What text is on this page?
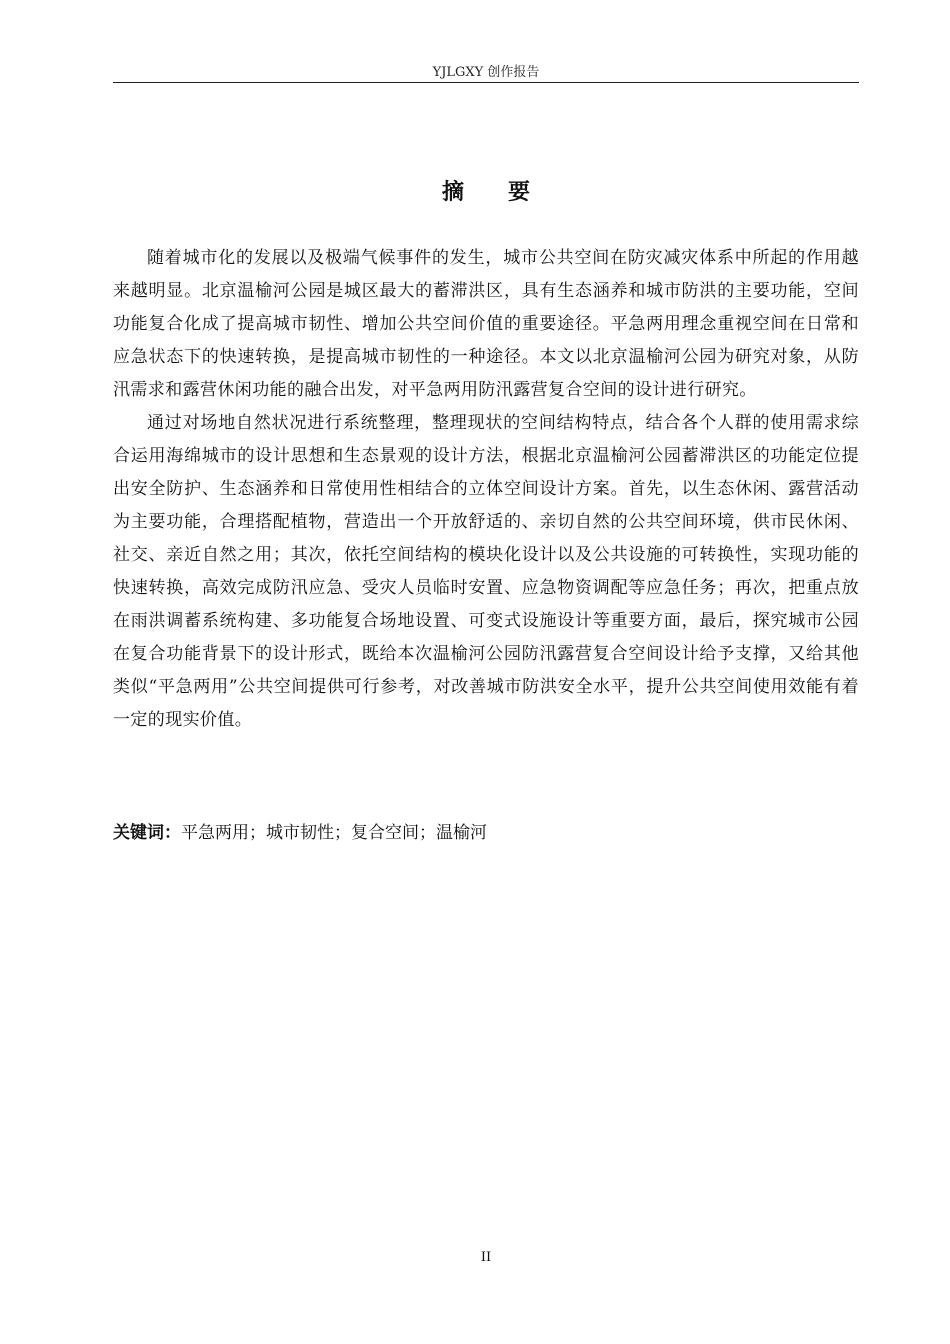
YJLGXY 创作报告
摘要

随着城市化的发展以及极端气候事件的发生，城市公共空间在防灾减灾体系中所起的作用越来越明显。北京温榆河公园是城区最大的蓄滞洪区，具有生态涵养和城市防洪的主要功能，空间功能复合化成了提高城市韧性、增加公共空间价值的重要途径。平急两用理念重视空间在日常和应急状态下的快速转换，是提高城市韧性的一种途径。本文以北京温榆河公园为研究对象，从防汛需求和露营休闲功能的融合出发，对平急两用防汛露营复合空间的设计进行研究。

通过对场地自然状况进行系统整理，整理现状的空间结构特点，结合各个人群的使用需求综合运用海绵城市的设计思想和生态景观的设计方法，根据北京温榆河公园蓄滞洪区的功能定位提出安全防护、生态涵养和日常使用性相结合的立体空间设计方案。首先，以生态休闲、露营活动为主要功能，合理搭配植物，营造出一个开放舒适的、亲切自然的公共空间环境，供市民休闲、社交、亲近自然之用；其次，依托空间结构的模块化设计以及公共设施的可转换性，实现功能的快速转换，高效完成防汛应急、受灾人员临时安置、应急物资调配等应急任务；再次，把重点放在雨洪调蓄系统构建、多功能复合场地设置、可变式设施设计等重要方面，最后，探究城市公园在复合功能背景下的设计形式，既给本次温榆河公园防汛露营复合空间设计给予支撑，又给其他类似“平急两用”公共空间提供可行参考，对改善城市防洪安全水平，提升公共空间使用效能有着一定的现实价值。

关键词：平急两用；城市韧性；复合空间；温榆河
II
